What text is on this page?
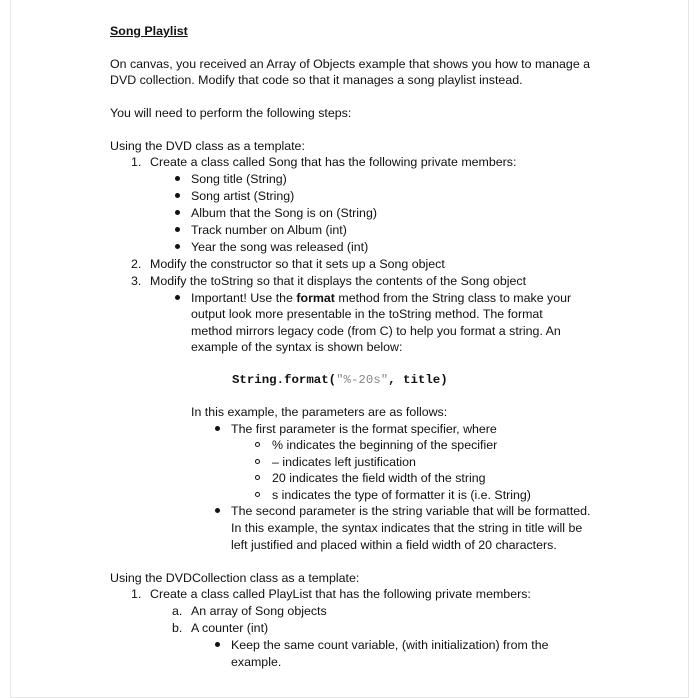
Song Playlist
On canvas, you received an Array of Objects example that shows you how to manage a
DVD collection. Modify that code so that it manages a song playlist instead.
You will need to perform the following steps:
Using the DVD class as a template:
1. Create a class called Song that has the following private members:
Song title (String)
Song artist (String)
Album that the Song is on (String)
Track number on Album (int)
Year the song was released (int)
2. Modify the constructor so that it sets up a Song object
3. Modify the toString so that it displays the contents of the Song object
Important! Use the format method from the String class to make your
output look more presentable in the toString method. The format
method mirrors legacy code (from C) to help you format a string. An
example of the syntax is shown below:
String.format("%-20s", title)
In this example, the parameters are as follows:
The first parameter is the format specifier, where
% indicates the beginning of the specifier
– indicates left justification
20 indicates the field width of the string
s indicates the type of formatter it is (i.e. String)
The second parameter is the string variable that will be formatted.
In this example, the syntax indicates that the string in title will be
left justified and placed within a field width of 20 characters.
Using the DVDCollection class as a template:
1. Create a class called PlayList that has the following private members:
a. An array of Song objects
b. A counter (int)
Keep the same count variable, (with initialization) from the
example.
